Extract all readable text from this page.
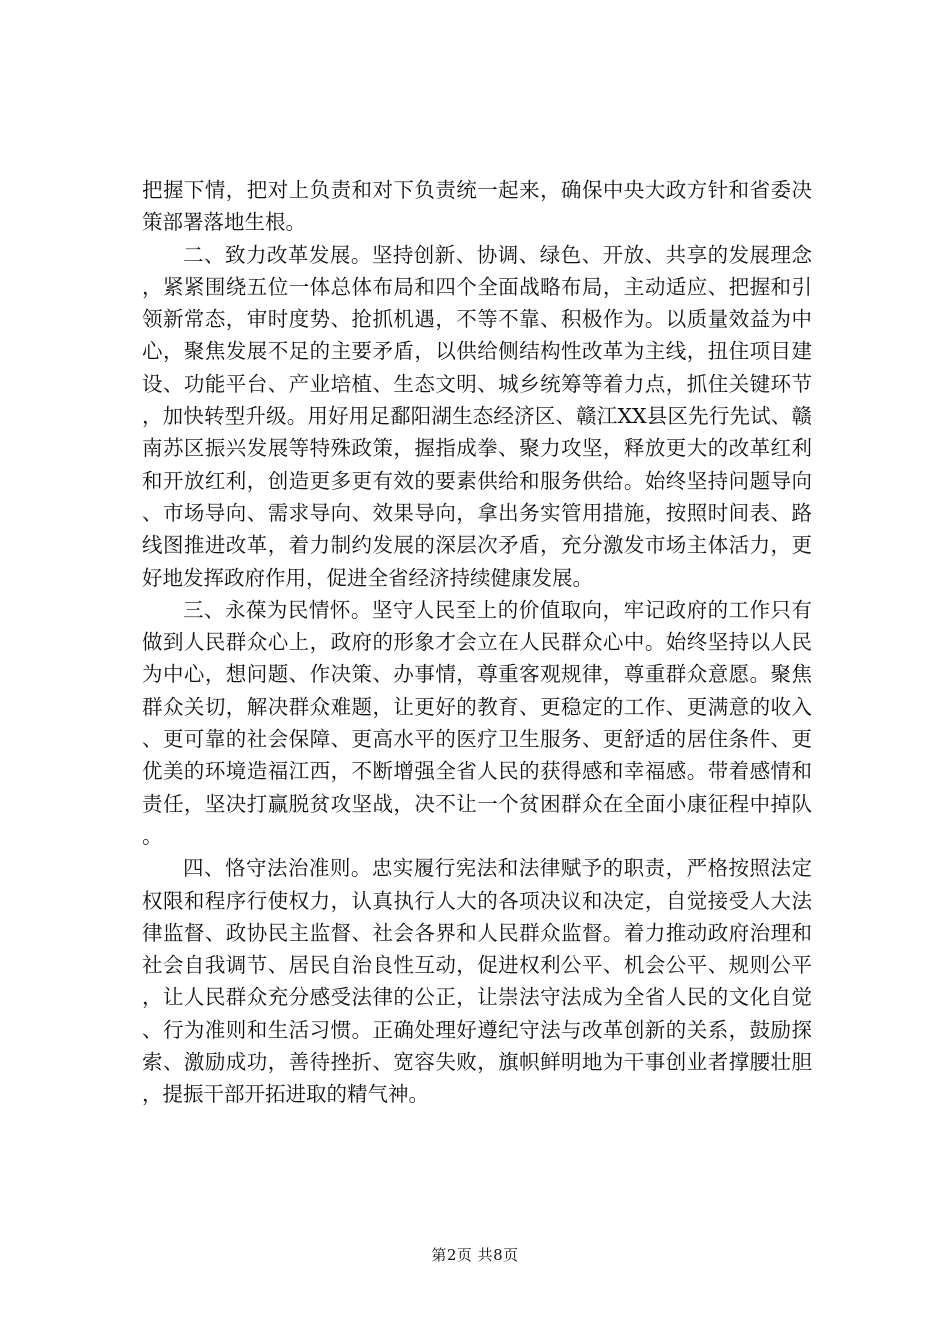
把握下情，把对上负责和对下负责统一起来，确保中央大政方针和省委决策部署落地生根。

二、致力改革发展。坚持创新、协调、绿色、开放、共享的发展理念，紧紧围绕五位一体总体布局和四个全面战略布局，主动适应、把握和引领新常态，审时度势、抢抓机遇，不等不靠、积极作为。以质量效益为中心，聚焦发展不足的主要矛盾，以供给侧结构性改革为主线，扭住项目建设、功能平台、产业培植、生态文明、城乡统筹等着力点，抓住关键环节，加快转型升级。用好用足鄱阳湖生态经济区、赣江XX县区先行先试、赣南苏区振兴发展等特殊政策，握指成拳、聚力攻坚，释放更大的改革红利和开放红利，创造更多更有效的要素供给和服务供给。始终坚持问题导向、市场导向、需求导向、效果导向，拿出务实管用措施，按照时间表、路线图推进改革，着力制约发展的深层次矛盾，充分激发市场主体活力，更好地发挥政府作用，促进全省经济持续健康发展。

三、永葆为民情怀。坚守人民至上的价值取向，牢记政府的工作只有做到人民群众心上，政府的形象才会立在人民群众心中。始终坚持以人民为中心，想问题、作决策、办事情，尊重客观规律，尊重群众意愿。聚焦群众关切，解决群众难题，让更好的教育、更稳定的工作、更满意的收入、更可靠的社会保障、更高水平的医疗卫生服务、更舒适的居住条件、更优美的环境造福江西，不断增强全省人民的获得感和幸福感。带着感情和责任，坚决打赢脱贫攻坚战，决不让一个贫困群众在全面小康征程中掉队。

四、恪守法治准则。忠实履行宪法和法律赋予的职责，严格按照法定权限和程序行使权力，认真执行人大的各项决议和决定，自觉接受人大法律监督、政协民主监督、社会各界和人民群众监督。着力推动政府治理和社会自我调节、居民自治良性互动，促进权利公平、机会公平、规则公平，让人民群众充分感受法律的公正，让崇法守法成为全省人民的文化自觉、行为准则和生活习惯。正确处理好遵纪守法与改革创新的关系，鼓励探索、激励成功，善待挫折、宽容失败，旗帜鲜明地为干事创业者撑腰壮胆，提振干部开拓进取的精气神。

第2页 共8页
